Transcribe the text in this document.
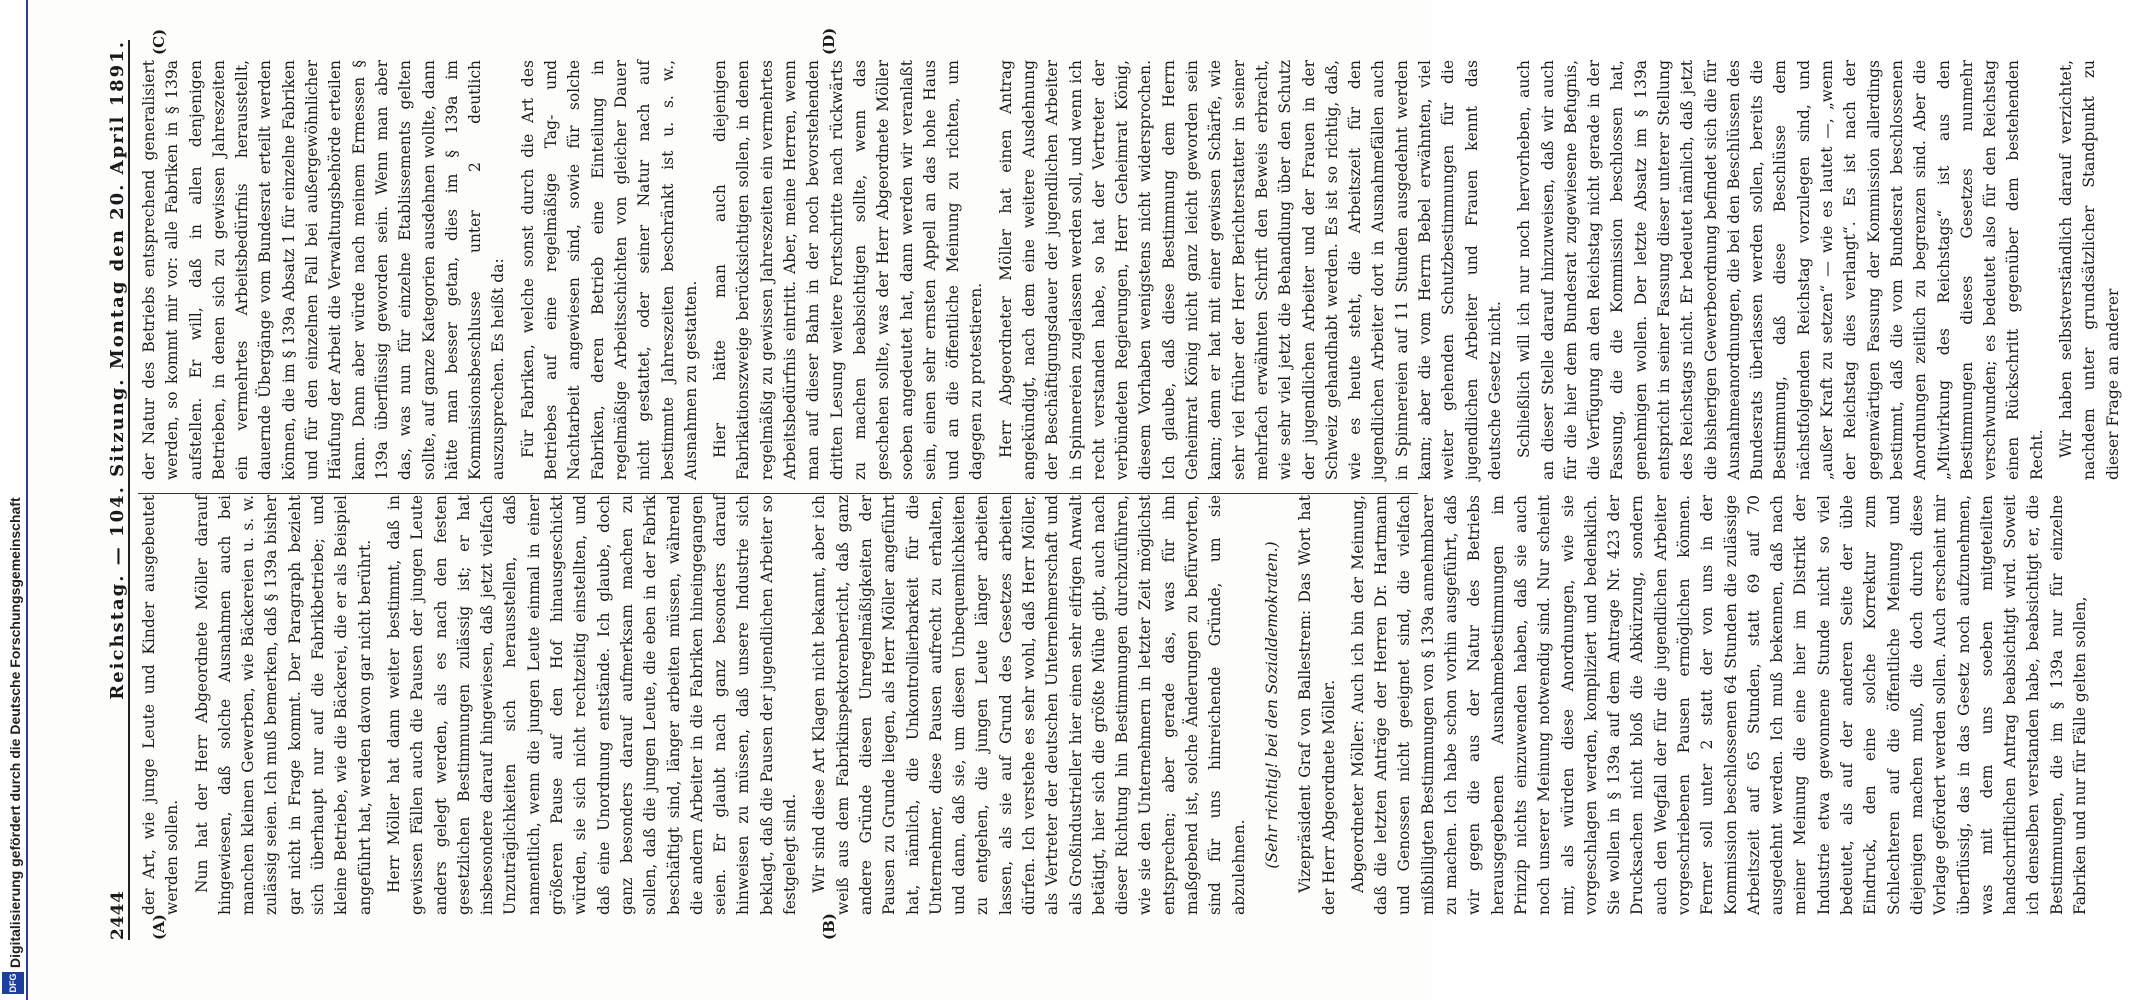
2444
Reichstag. — 104. Sitzung. Montag den 20. April 1891.
(A)	(B)
(C)	(D)

der Art, wie junge Leute und Kinder ausgebeutet werden sollen. Nun hat der Herr Abgeordnete Möller darauf hingewiesen, daß solche Ausnahmen auch bei manchen kleinen Gewerben, wie Bäckereien u. s. w. zulässig seien. Ich muß bemerken, daß § 139a bisher gar nicht in Frage kommt. Der Paragraph bezieht sich überhaupt nur auf die Fabrikbetriebe; und kleine Betriebe, wie die Bäckerei, die er als Beispiel angeführt hat, werden davon gar nicht berührt. Herr Möller hat dann weiter bestimmt, daß in gewissen Fällen auch die Pausen der jungen Leute anders gelegt werden, als es nach den festen gesetzlichen Bestimmungen zulässig ist; er hat insbesondere darauf hingewiesen, daß jetzt vielfach Unzuträglichkeiten sich herausstellen, daß namentlich, wenn die jungen Leute einmal in einer größeren Pause auf den Hof hinausgeschickt würden, sie sich nicht rechtzeitig einstellten, und daß eine Unordnung entstände. Ich glaube, doch ganz besonders darauf aufmerksam machen zu sollen, daß die jungen Leute, die eben in der Fabrik beschäftigt sind, länger arbeiten müssen, während die andern Arbeiter in die Fabriken hineingegangen seien. Er glaubt nach ganz besonders darauf hinweisen zu müssen, daß unsere Industrie sich beklagt, daß die Pausen der jugendlichen Arbeiter so festgelegt sind. Wir sind diese Art Klagen nicht bekannt, aber ich weiß aus dem Fabrikinspektorenbericht, daß ganz andere Gründe diesen Unregelmäßigkeiten der Pausen zu Grunde liegen, als Herr Möller angeführt hat, nämlich, die Unkontrollierbarkeit für die Unternehmer, diese Pausen aufrecht zu erhalten, und dann, daß sie, um diesen Unbequemlichkeiten zu entgehen, die jungen Leute länger arbeiten lassen, als sie auf Grund des Gesetzes arbeiten dürfen. Ich verstehe es sehr wohl, daß Herr Möller, als Vertreter der deutschen Unternehmerschaft und als Großindustrieller hier einen sehr eifrigen Anwalt betätigt, hier sich die größte Mühe gibt, auch nach dieser Richtung hin Bestimmungen durchzuführen, wie sie den Unternehmern in letzter Zeit möglichst entsprechen; aber gerade das, was für ihn maßgebend ist, solche Änderungen zu befürworten, sind für uns hinreichende Gründe, um sie abzulehnen. (Sehr richtig! bei den Sozialdemokraten.) Vizepräsident Graf von Ballestrem: Das Wort hat der Herr Abgeordnete Möller. Abgeordneter Möller: Auch ich bin der Meinung, daß die letzten Anträge der Herren Dr. Hartmann und Genossen nicht geeignet sind, die vielfach mißbilligten Bestimmungen von § 139a annehmbarer zu machen. Ich habe schon vorhin ausgeführt, daß wir gegen die aus der Natur des Betriebs herausgegebenen Ausnahmebestimmungen im Prinzip nichts einzuwenden haben, daß sie auch noch unserer Meinung notwendig sind. Nur scheint mir, als würden diese Anordnungen, wie sie vorgeschlagen werden, kompliziert und bedenklich. Sie wollen in § 139a auf dem Antrage Nr. 423 der Drucksachen nicht bloß die Abkürzung, sondern auch den Wegfall der für die jugendlichen Arbeiter vorgeschriebenen Pausen ermöglichen können. Ferner soll unter 2 statt der von uns in der Kommission beschlossenen 64 Stunden die zulässige Arbeitszeit auf 65 Stunden, statt 69 auf 70 ausgedehnt werden. Ich muß bekennen, daß nach meiner Meinung die eine hier im Distrikt der Industrie etwa gewonnene Stunde nicht so viel bedeutet, als auf der anderen Seite der üble Eindruck, den eine solche Korrektur zum Schlechteren auf die öffentliche Meinung und diejenigen machen muß, die doch durch diese Vorlage gefördert werden sollen. Auch erscheint mir überflüssig, das in das Gesetz noch aufzunehmen, was mit dem uns soeben mitgeteilten handschriftlichen Antrag beabsichtigt wird. Soweit ich denselben verstanden habe, beabsichtigt er, die Bestimmungen, die im § 139a nur für einzelne Fabriken und nur für Fälle gelten sollen,

der Natur des Betriebs entsprechend generalisiert werden, so kommt mir vor: alle Fabriken in § 139a aufstellen. Er will, daß in allen denjenigen Betrieben, in denen sich zu gewissen Jahreszeiten ein vermehrtes Arbeitsbedürfnis herausstellt, dauernde Übergänge vom Bundesrat erteilt werden können, die im § 139a Absatz 1 für einzelne Fabriken und für den einzelnen Fall bei außergewöhnlicher Häufung der Arbeit die Verwaltungsbehörde erteilen kann. Dann aber würde nach meinem Ermessen § 139a überflüssig geworden sein. Wenn man aber das, was nun für einzelne Etablissements gelten sollte, auf ganze Kategorien ausdehnen wollte, dann hätte man besser getan, dies im § 139a im Kommissionsbeschlusse unter 2 deutlich auszusprechen. Es heißt da: Für Fabriken, welche sonst durch die Art des Betriebes auf eine regelmäßige Tag- und Nachtarbeit angewiesen sind, sowie für solche Fabriken, deren Betrieb eine Einteilung in regelmäßige Arbeitsschichten von gleicher Dauer nicht gestattet, oder seiner Natur nach auf bestimmte Jahreszeiten beschränkt ist u. s. w., Ausnahmen zu gestatten. Hier hätte man auch diejenigen Fabrikationszweige berücksichtigen sollen, in denen regelmäßig zu gewissen Jahreszeiten ein vermehrtes Arbeitsbedürfnis eintritt. Aber, meine Herren, wenn man auf dieser Bahn in der noch bevorstehenden dritten Lesung weitere Fortschritte nach rückwärts zu machen beabsichtigen sollte, wenn das geschehen sollte, was der Herr Abgeordnete Möller soeben angedeutet hat, dann werden wir veranlaßt sein, einen sehr ernsten Appell an das hohe Haus und an die öffentliche Meinung zu richten, um dagegen zu protestieren. Herr Abgeordneter Möller hat einen Antrag angekündigt, nach dem eine weitere Ausdehnung der Beschäftigungsdauer der jugendlichen Arbeiter in Spinnereien zugelassen werden soll, und wenn ich recht verstanden habe, so hat der Vertreter der verbündeten Regierungen, Herr Geheimrat König, diesem Vorhaben wenigstens nicht widersprochen. Ich glaube, daß diese Bestimmung dem Herrn Geheimrat König nicht ganz leicht geworden sein kann; denn er hat mit einer gewissen Schärfe, wie sehr viel früher der Herr Berichterstatter in seiner mehrfach erwähnten Schrift den Beweis erbracht, wie sehr viel jetzt die Behandlung über den Schutz der jugendlichen Arbeiter und der Frauen in der Schweiz gehandhabt werden. Es ist so richtig, daß, wie es heute steht, die Arbeitszeit für den jugendlichen Arbeiter dort in Ausnahmefällen auch in Spinnereien auf 11 Stunden ausgedehnt werden kann; aber die vom Herrn Bebel erwähnten, viel weiter gehenden Schutzbestimmungen für die jugendlichen Arbeiter und Frauen kennt das deutsche Gesetz nicht. Schließlich will ich nur noch hervorheben, auch an dieser Stelle darauf hinzuweisen, daß wir auch für die hier dem Bundesrat zugewiesene Befugnis, die Verfügung an den Reichstag nicht gerade in der Fassung, die die Kommission beschlossen hat, genehmigen wollen. Der letzte Absatz im § 139a entspricht in seiner Fassung dieser unterer Stellung des Reichstags nicht. Er bedeutet nämlich, daß jetzt die bisherigen Gewerbeordnung befindet sich die für Ausnahmeanordnungen, die bei den Beschlüssen des Bundesrats überlassen werden sollen, bereits die Bestimmung, daß diese Beschlüsse dem nächstfolgenden Reichstag vorzulegen sind, und „außer Kraft zu setzen“ — wie es lautet —, „wenn der Reichstag dies verlangt“. Es ist nach der gegenwärtigen Fassung der Kommission allerdings bestimmt, daß die vom Bundesrat beschlossenen Anordnungen zeitlich zu begrenzen sind. Aber die „Mitwirkung des Reichstags“ ist aus den Bestimmungen dieses Gesetzes nunmehr verschwunden; es bedeutet also für den Reichstag einen Rückschritt gegenüber dem bestehenden Recht. Wir haben selbstverständlich darauf verzichtet, nachdem unter grundsätzlicher Standpunkt zu dieser Frage an anderer

Digitalisierung gefördert durch die Deutsche Forschungsgemeinschaft
DFG
